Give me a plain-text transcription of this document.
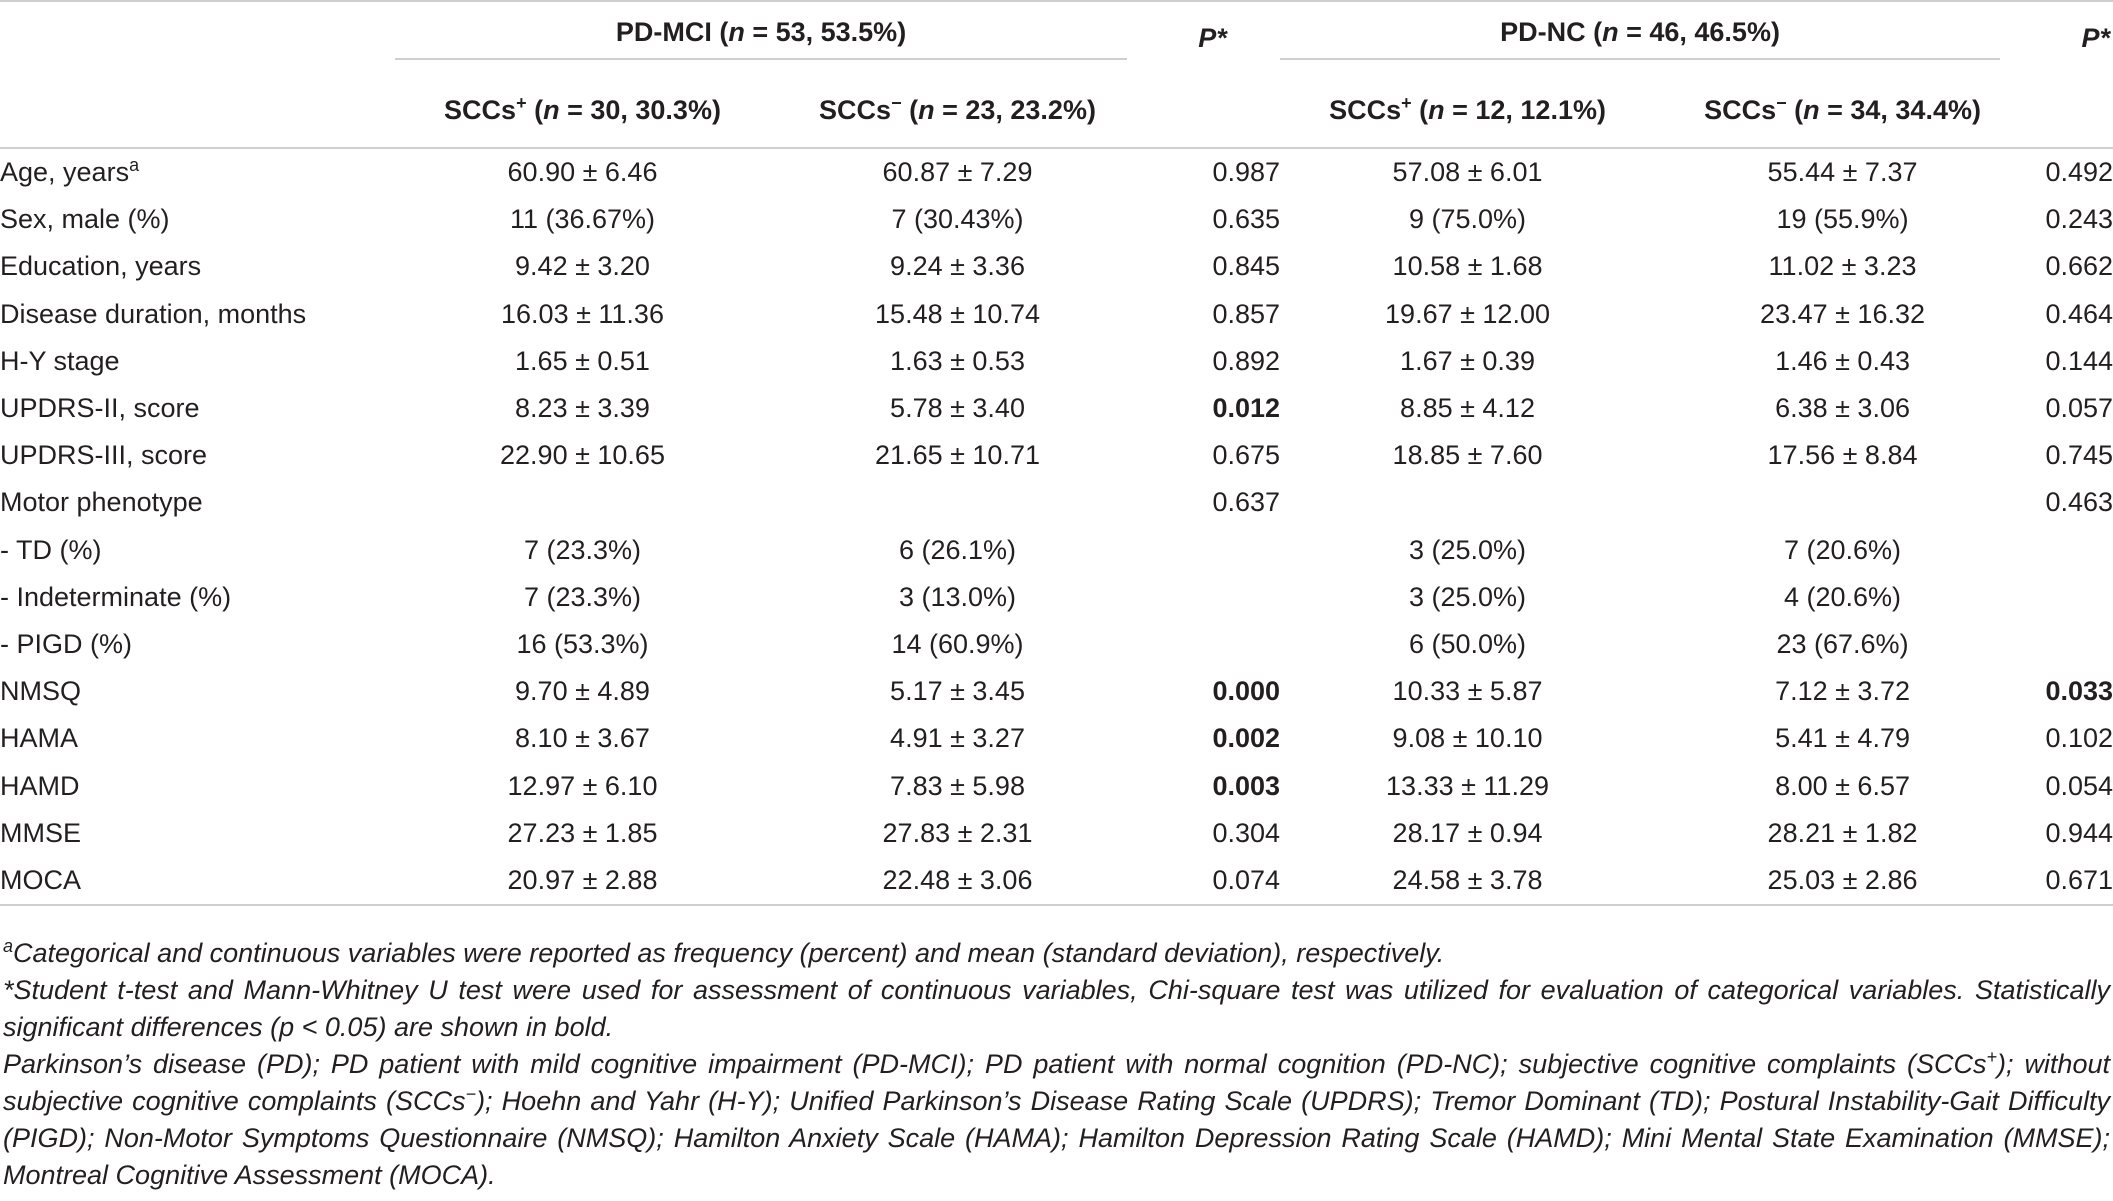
	PD-MCI (n = 53, 53.5%)		P*	PD-NC (n = 46, 46.5%)		P*
	SCCs+ (n = 30, 30.3%)	SCCs− (n = 23, 23.2%)		SCCs+ (n = 12, 12.1%)	SCCs− (n = 34, 34.4%)	
Age, years$^a$	60.90 ± 6.46	60.87 ± 7.29	0.987	57.08 ± 6.01	55.44 ± 7.37	0.492
Sex, male (%)	11 (36.67%)	7 (30.43%)	0.635	9 (75.0%)	19 (55.9%)	0.243
Education, years	9.42 ± 3.20	9.24 ± 3.36	0.845	10.58 ± 1.68	11.02 ± 3.23	0.662
Disease duration, months	16.03 ± 11.36	15.48 ± 10.74	0.857	19.67 ± 12.00	23.47 ± 16.32	0.464
H-Y stage	1.65 ± 0.51	1.63 ± 0.53	0.892	1.67 ± 0.39	1.46 ± 0.43	0.144
UPDRS-II, score	8.23 ± 3.39	5.78 ± 3.40	0.012	8.85 ± 4.12	6.38 ± 3.06	0.057
UPDRS-III, score	22.90 ± 10.65	21.65 ± 10.71	0.675	18.85 ± 7.60	17.56 ± 8.84	0.745
Motor phenotype			0.637			0.463
- TD (%)	7 (23.3%)	6 (26.1%)		3 (25.0%)	7 (20.6%)	
- Indeterminate (%)	7 (23.3%)	3 (13.0%)		3 (25.0%)	4 (20.6%)	
- PIGD (%)	16 (53.3%)	14 (60.9%)		6 (50.0%)	23 (67.6%)	
NMSQ	9.70 ± 4.89	5.17 ± 3.45	0.000	10.33 ± 5.87	7.12 ± 3.72	0.033
HAMA	8.10 ± 3.67	4.91 ± 3.27	0.002	9.08 ± 10.10	5.41 ± 4.79	0.102
HAMD	12.97 ± 6.10	7.83 ± 5.98	0.003	13.33 ± 11.29	8.00 ± 6.57	0.054
MMSE	27.23 ± 1.85	27.83 ± 2.31	0.304	28.17 ± 0.94	28.21 ± 1.82	0.944
MOCA	20.97 ± 2.88	22.48 ± 3.06	0.074	24.58 ± 3.78	25.03 ± 2.86	0.671

$^a$Categorical and continuous variables were reported as frequency (percent) and mean (standard deviation), respectively.

*Student t-test and Mann-Whitney U test were used for assessment of continuous variables, Chi-square test was utilized for evaluation of categorical variables. Statistically significant differences (p < 0.05) are shown in bold.

Parkinson’s disease (PD); PD patient with mild cognitive impairment (PD-MCI); PD patient with normal cognition (PD-NC); subjective cognitive complaints (SCCs+); without subjective cognitive complaints (SCCs−); Hoehn and Yahr (H-Y); Unified Parkinson’s Disease Rating Scale (UPDRS); Tremor Dominant (TD); Postural Instability-Gait Difficulty (PIGD); Non-Motor Symptoms Questionnaire (NMSQ); Hamilton Anxiety Scale (HAMA); Hamilton Depression Rating Scale (HAMD); Mini Mental State Examination (MMSE); Montreal Cognitive Assessment (MOCA).
